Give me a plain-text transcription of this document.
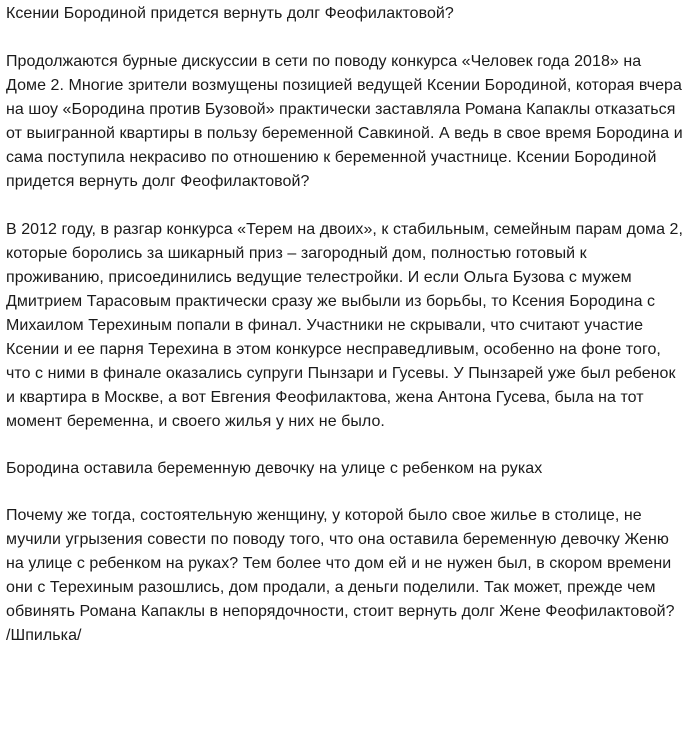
Ксении Бородиной придется вернуть долг Феофилактовой?

Продолжаются бурные дискуссии в сети по поводу конкурса «Человек года 2018» на Доме 2. Многие зрители возмущены позицией ведущей Ксении Бородиной, которая вчера на шоу «Бородина против Бузовой» практически заставляла Романа Капаклы отказаться от выигранной квартиры в пользу беременной Савкиной. А ведь в свое время Бородина и сама поступила некрасиво по отношению к беременной участнице. Ксении Бородиной придется вернуть долг Феофилактовой?

В 2012 году, в разгар конкурса «Терем на двоих», к стабильным, семейным парам дома 2, которые боролись за шикарный приз – загородный дом, полностью готовый к проживанию, присоединились ведущие телестройки. И если Ольга Бузова с мужем Дмитрием Тарасовым практически сразу же выбыли из борьбы, то Ксения Бородина с Михаилом Терехиным попали в финал. Участники не скрывали, что считают участие Ксении и ее парня Терехина в этом конкурсе несправедливым, особенно на фоне того, что с ними в финале оказались супруги Пынзари и Гусевы. У Пынзарей уже был ребенок и квартира в Москве, а вот Евгения Феофилактова, жена Антона Гусева, была на тот момент беременна, и своего жилья у них не было.

Бородина оставила беременную девочку на улице с ребенком на руках

Почему же тогда, состоятельную женщину, у которой было свое жилье в столице, не мучили угрызения совести по поводу того, что она оставила беременную девочку Женю на улице с ребенком на руках? Тем более что дом ей и не нужен был, в скором времени они с Терехиным разошлись, дом продали, а деньги поделили. Так может, прежде чем обвинять Романа Капаклы в непорядочности, стоит вернуть долг Жене Феофилактовой?

/Шпилька/
